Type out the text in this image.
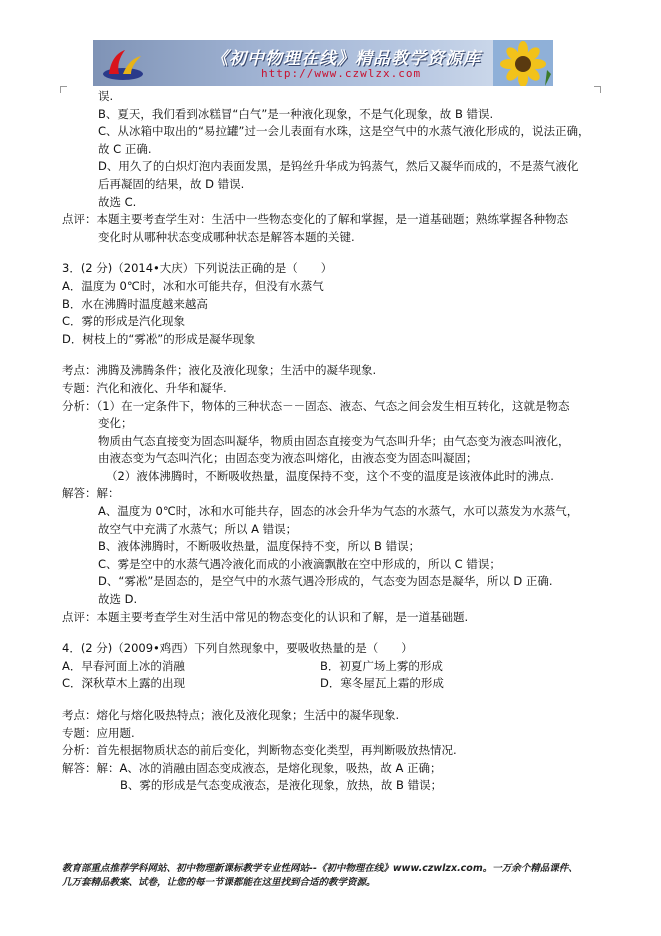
《初中物理在线》精品教学资源库
http://www.czwlzx.com
误.
B、夏天，我们看到冰糕冒“白气”是一种液化现象，不是气化现象，故 B 错误.
C、从冰箱中取出的“易拉罐”过一会儿表面有水珠，这是空气中的水蒸气液化形成的，说法正确，
故 C 正确.
D、用久了的白炽灯泡内表面发黑，是钨丝升华成为钨蒸气，然后又凝华而成的，不是蒸气液化
后再凝固的结果，故 D 错误.
故选 C.
点评：本题主要考查学生对：生活中一些物态变化的了解和掌握，是一道基础题；熟练掌握各种物态
变化时从哪种状态变成哪种状态是解答本题的关键.
3．(2 分)（2014•大庆）下列说法正确的是（　　）
A．温度为 0℃时，冰和水可能共存，但没有水蒸气
B．水在沸腾时温度越来越高
C．雾的形成是汽化现象
D．树枝上的“雾凇”的形成是凝华现象
考点：沸腾及沸腾条件；液化及液化现象；生活中的凝华现象.
专题：汽化和液化、升华和凝华.
分析：（1）在一定条件下，物体的三种状态－－固态、液态、气态之间会发生相互转化，这就是物态
变化；
物质由气态直接变为固态叫凝华，物质由固态直接变为气态叫升华；由气态变为液态叫液化，
由液态变为气态叫汽化；由固态变为液态叫熔化，由液态变为固态叫凝固；
（2）液体沸腾时，不断吸收热量，温度保持不变，这个不变的温度是该液体此时的沸点.
解答：解：
A、温度为 0℃时，冰和水可能共存，固态的冰会升华为气态的水蒸气，水可以蒸发为水蒸气，
故空气中充满了水蒸气；所以 A 错误；
B、液体沸腾时，不断吸收热量，温度保持不变，所以 B 错误；
C、雾是空中的水蒸气遇冷液化而成的小液滴飘散在空中形成的，所以 C 错误；
D、“雾凇”是固态的，是空气中的水蒸气遇冷形成的，气态变为固态是凝华，所以 D 正确.
故选 D.
点评：本题主要考查学生对生活中常见的物态变化的认识和了解，是一道基础题.
4．(2 分)（2009•鸡西）下列自然现象中，要吸收热量的是（　　）
A．早春河面上冰的消融	B．初夏广场上雾的形成
C．深秋草木上露的出现	D．寒冬屋瓦上霜的形成
考点：熔化与熔化吸热特点；液化及液化现象；生活中的凝华现象.
专题：应用题.
分析：首先根据物质状态的前后变化，判断物态变化类型，再判断吸放热情况.
解答：解：A、冰的消融由固态变成液态，是熔化现象，吸热，故 A 正确；
B、雾的形成是气态变成液态，是液化现象，放热，故 B 错误；
教育部重点推荐学科网站、初中物理新课标教学专业性网站--《初中物理在线》www.czwlzx.com。一万余个精品课件、
几万套精品教案、试卷，让您的每一节课都能在这里找到合适的教学资源。
